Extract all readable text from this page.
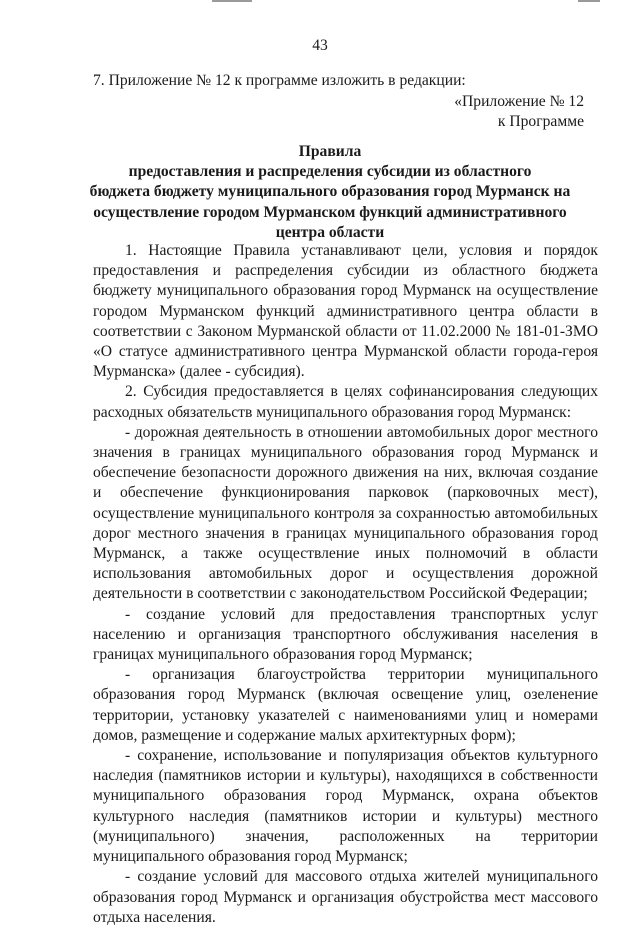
43
7. Приложение № 12 к программе изложить в редакции:
«Приложение № 12
к Программе
Правила
предоставления и распределения субсидии из областного
бюджета бюджету муниципального образования город Мурманск на
осуществление городом Мурманском функций административного
центра области

1. Настоящие Правила устанавливают цели, условия и порядок предоставления и распределения субсидии из областного бюджета бюджету муниципального образования город Мурманск на осуществление городом Мурманском функций административного центра области в соответствии с Законом Мурманской области от 11.02.2000 № 181-01-ЗМО «О статусе административного центра Мурманской области города-героя Мурманска» (далее - субсидия).

2. Субсидия предоставляется в целях софинансирования следующих расходных обязательств муниципального образования город Мурманск:

- дорожная деятельность в отношении автомобильных дорог местного значения в границах муниципального образования город Мурманск и обеспечение безопасности дорожного движения на них, включая создание и обеспечение функционирования парковок (парковочных мест), осуществление муниципального контроля за сохранностью автомобильных дорог местного значения в границах муниципального образования город Мурманск, а также осуществление иных полномочий в области использования автомобильных дорог и осуществления дорожной деятельности в соответствии с законодательством Российской Федерации;

- создание условий для предоставления транспортных услуг населению и организация транспортного обслуживания населения в границах муниципального образования город Мурманск;

- организация благоустройства территории муниципального образования город Мурманск (включая освещение улиц, озеленение территории, установку указателей с наименованиями улиц и номерами домов, размещение и содержание малых архитектурных форм);

- сохранение, использование и популяризация объектов культурного наследия (памятников истории и культуры), находящихся в собственности муниципального образования город Мурманск, охрана объектов культурного наследия (памятников истории и культуры) местного (муниципального) значения, расположенных на территории муниципального образования город Мурманск;

- создание условий для массового отдыха жителей муниципального образования город Мурманск и организация обустройства мест массового отдыха населения.
